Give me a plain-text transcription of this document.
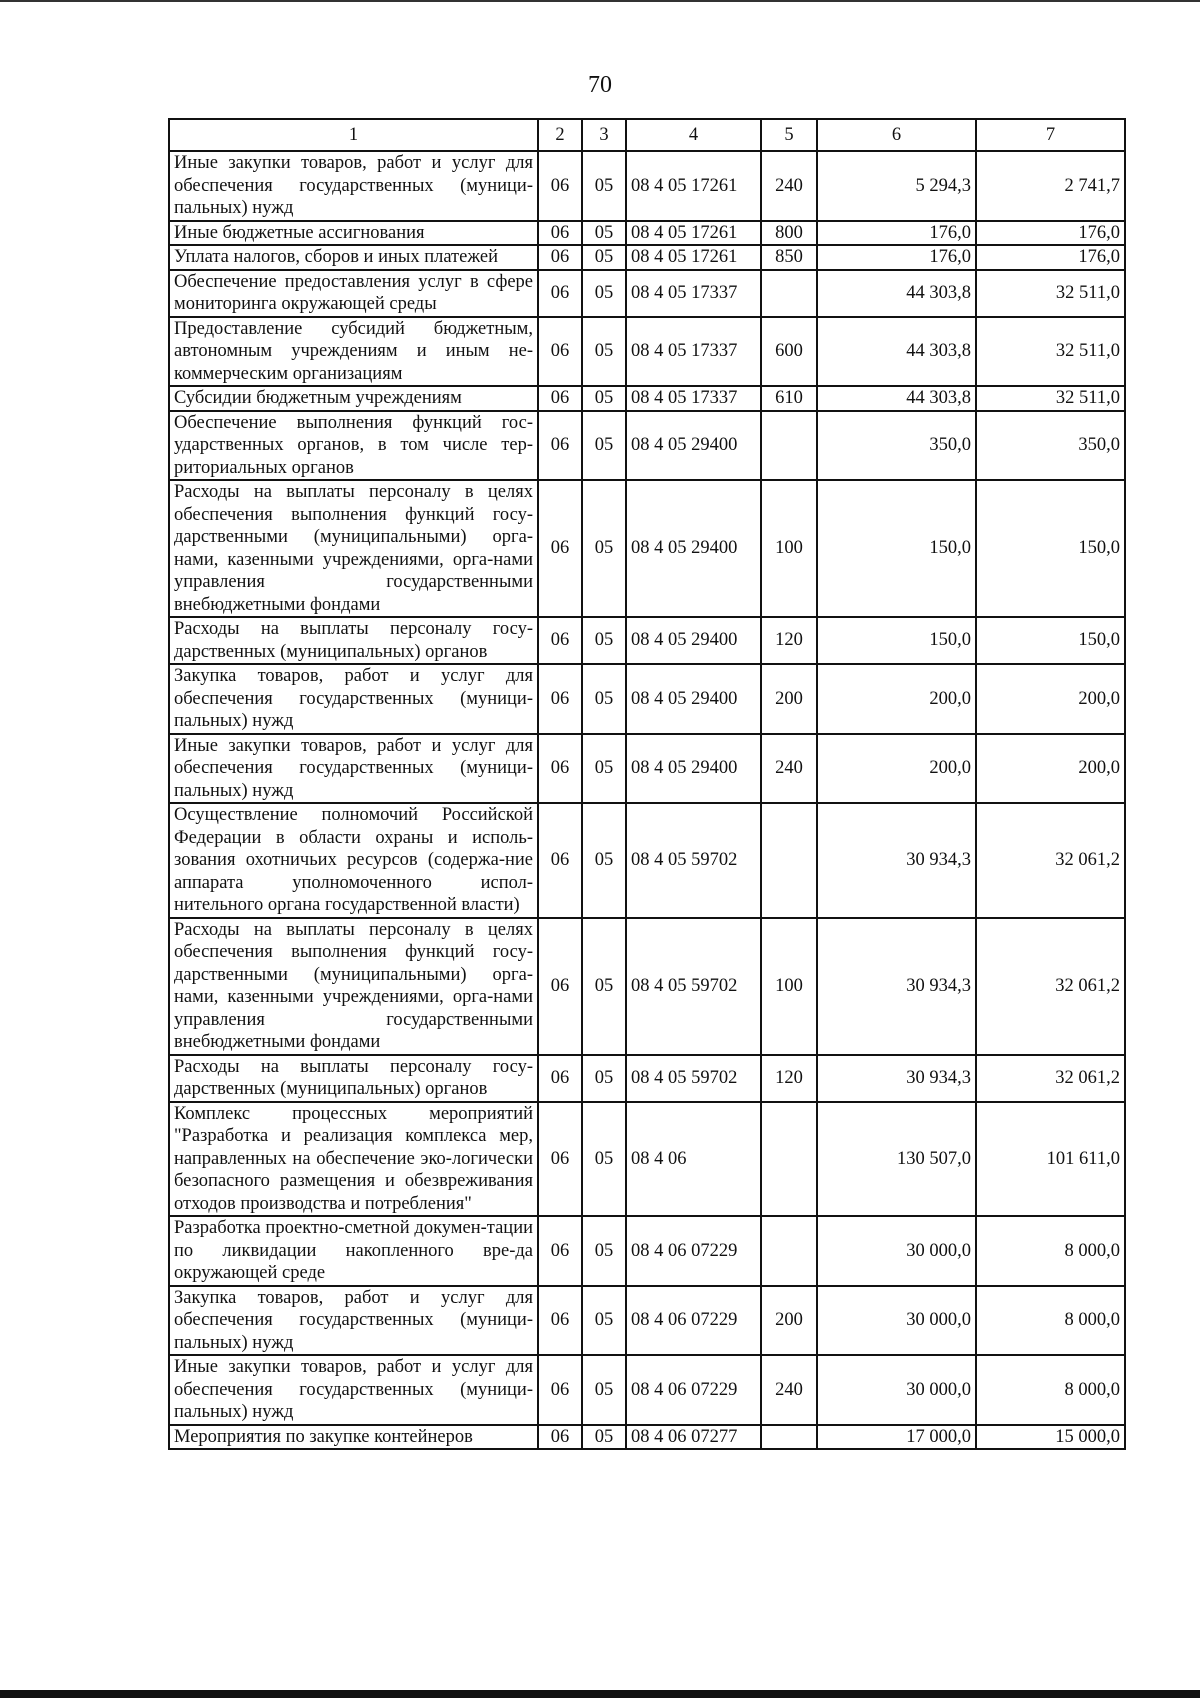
70
1	2	3	4	5	6	7
Иные закупки товаров, работ и услуг для обеспечения государственных (муници-пальных) нужд	06	05	08 4 05 17261	240	5 294,3	2 741,7
Иные бюджетные ассигнования	06	05	08 4 05 17261	800	176,0	176,0
Уплата налогов, сборов и иных платежей	06	05	08 4 05 17261	850	176,0	176,0
Обеспечение предоставления услуг в сфере мониторинга окружающей среды	06	05	08 4 05 17337		44 303,8	32 511,0
Предоставление субсидий бюджетным, автономным учреждениям и иным не-коммерческим организациям	06	05	08 4 05 17337	600	44 303,8	32 511,0
Субсидии бюджетным учреждениям	06	05	08 4 05 17337	610	44 303,8	32 511,0
Обеспечение выполнения функций гос-ударственных органов, в том числе тер-риториальных органов	06	05	08 4 05 29400		350,0	350,0
Расходы на выплаты персоналу в целях обеспечения выполнения функций госу-дарственными (муниципальными) орга-нами, казенными учреждениями, орга-нами управления государственными внебюджетными фондами	06	05	08 4 05 29400	100	150,0	150,0
Расходы на выплаты персоналу госу-дарственных (муниципальных) органов	06	05	08 4 05 29400	120	150,0	150,0
Закупка товаров, работ и услуг для обеспечения государственных (муници-пальных) нужд	06	05	08 4 05 29400	200	200,0	200,0
Иные закупки товаров, работ и услуг для обеспечения государственных (муници-пальных) нужд	06	05	08 4 05 29400	240	200,0	200,0
Осуществление полномочий Российской Федерации в области охраны и исполь-зования охотничьих ресурсов (содержа-ние аппарата уполномоченного испол-нительного органа государственной власти)	06	05	08 4 05 59702		30 934,3	32 061,2
Расходы на выплаты персоналу в целях обеспечения выполнения функций госу-дарственными (муниципальными) орга-нами, казенными учреждениями, орга-нами управления государственными внебюджетными фондами	06	05	08 4 05 59702	100	30 934,3	32 061,2
Расходы на выплаты персоналу госу-дарственных (муниципальных) органов	06	05	08 4 05 59702	120	30 934,3	32 061,2
Комплекс процессных мероприятий "Разработка и реализация комплекса мер, направленных на обеспечение эко-логически безопасного размещения и обезвреживания отходов производства и потребления"	06	05	08 4 06		130 507,0	101 611,0
Разработка проектно-сметной докумен-тации по ликвидации накопленного вре-да окружающей среде	06	05	08 4 06 07229		30 000,0	8 000,0
Закупка товаров, работ и услуг для обеспечения государственных (муници-пальных) нужд	06	05	08 4 06 07229	200	30 000,0	8 000,0
Иные закупки товаров, работ и услуг для обеспечения государственных (муници-пальных) нужд	06	05	08 4 06 07229	240	30 000,0	8 000,0
Мероприятия по закупке контейнеров	06	05	08 4 06 07277		17 000,0	15 000,0
